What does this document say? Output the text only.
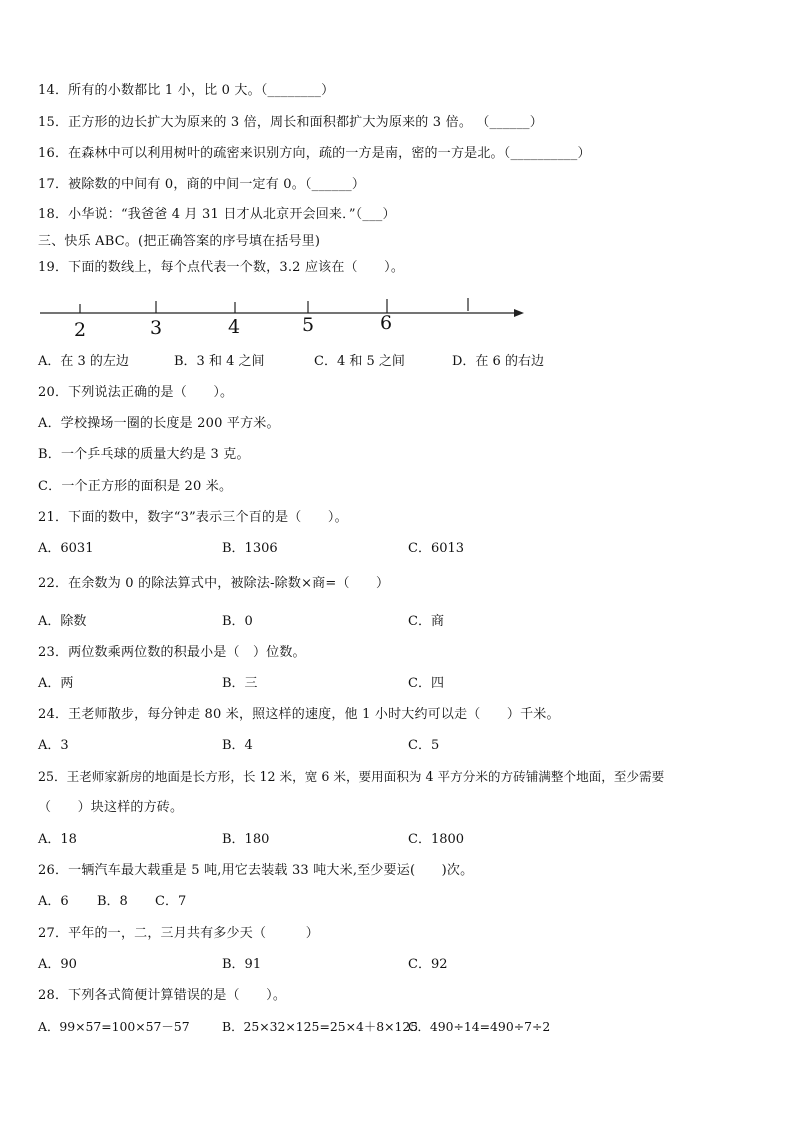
14．所有的小数都比 1 小，比 0 大。（________）
15．正方形的边长扩大为原来的 3 倍，周长和面积都扩大为原来的 3 倍。 （______）
16．在森林中可以利用树叶的疏密来识别方向，疏的一方是南，密的一方是北。（__________）
17．被除数的中间有 0，商的中间一定有 0。（______）
18．小华说：“我爸爸 4 月 31 日才从北京开会回来．”（___）
三、快乐 ABC。(把正确答案的序号填在括号里)
19．下面的数线上，每个点代表一个数，3.2 应该在（　　）。
2	3	4	5	6
A．在 3 的左边	B．3 和 4 之间	C．4 和 5 之间	D．在 6 的右边
20．下列说法正确的是（　　）。
A．学校操场一圈的长度是 200 平方米。
B．一个乒乓球的质量大约是 3 克。
C．一个正方形的面积是 20 米。
21．下面的数中，数字“3”表示三个百的是（　　）。
A．6031	B．1306	C．6013
22．在余数为 0 的除法算式中，被除法-除数×商=（　　）
A．除数	B．0	C．商
23．两位数乘两位数的积最小是（　）位数。
A．两	B．三	C．四
24．王老师散步，每分钟走 80 米，照这样的速度，他 1 小时大约可以走（　　）千米。
A．3	B．4	C．5
25．王老师家新房的地面是长方形，长 12 米，宽 6 米，要用面积为 4 平方分米的方砖铺满整个地面，至少需要
（　　）块这样的方砖。
A．18	B．180	C．1800
26．一辆汽车最大载重是 5 吨,用它去装载 33 吨大米,至少要运(　　)次。
A．6 B．8 C．7
27．平年的一，二，三月共有多少天（　　　）
A．90	B．91	C．92
28．下列各式简便计算错误的是（　　）。
A．99×57=100×57－57	B．25×32×125=25×4＋8×125
C．490÷14=490÷7÷2
